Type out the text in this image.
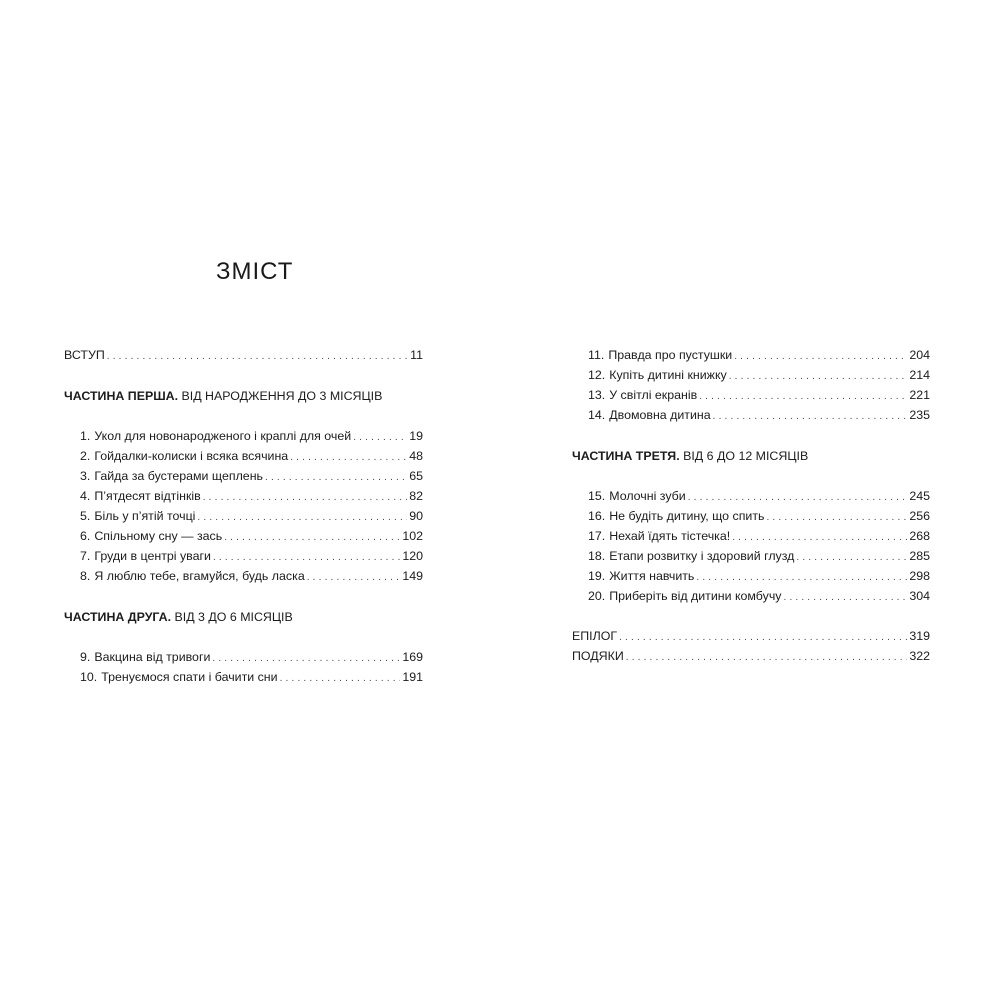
ЗМІСТ
ВСТУП . . .	11
ЧАСТИНА ПЕРША. ВІД НАРОДЖЕННЯ ДО 3 МІСЯЦІВ
1. Укол для новонародженого і краплі для очей . . .	19
2. Гойдалки-колиски і всяка всячина . . .	48
3. Гайда за бустерами щеплень . . .	65
4. П’ятдесят відтінків . . .	82
5. Біль у п’ятій точці . . .	90
6. Спільному сну — зась . . .	102
7. Груди в центрі уваги . . .	120
8. Я люблю тебе, вгамуйся, будь ласка . . .	149
ЧАСТИНА ДРУГА. ВІД 3 ДО 6 МІСЯЦІВ
9. Вакцина від тривоги . . .	169
10. Тренуємося спати і бачити сни . . .	191
11. Правда про пустушки . . .	204
12. Купіть дитині книжку . . .	214
13. У світлі екранів . . .	221
14. Двомовна дитина . . .	235
ЧАСТИНА ТРЕТЯ. ВІД 6 ДО 12 МІСЯЦІВ
15. Молочні зуби . . .	245
16. Не будіть дитину, що спить . . .	256
17. Нехай їдять тістечка! . . .	268
18. Етапи розвитку і здоровий глузд . . .	285
19. Життя навчить . . .	298
20. Приберіть від дитини комбучу . . .	304
ЕПІЛОГ . . .	319
ПОДЯКИ . . .	322
